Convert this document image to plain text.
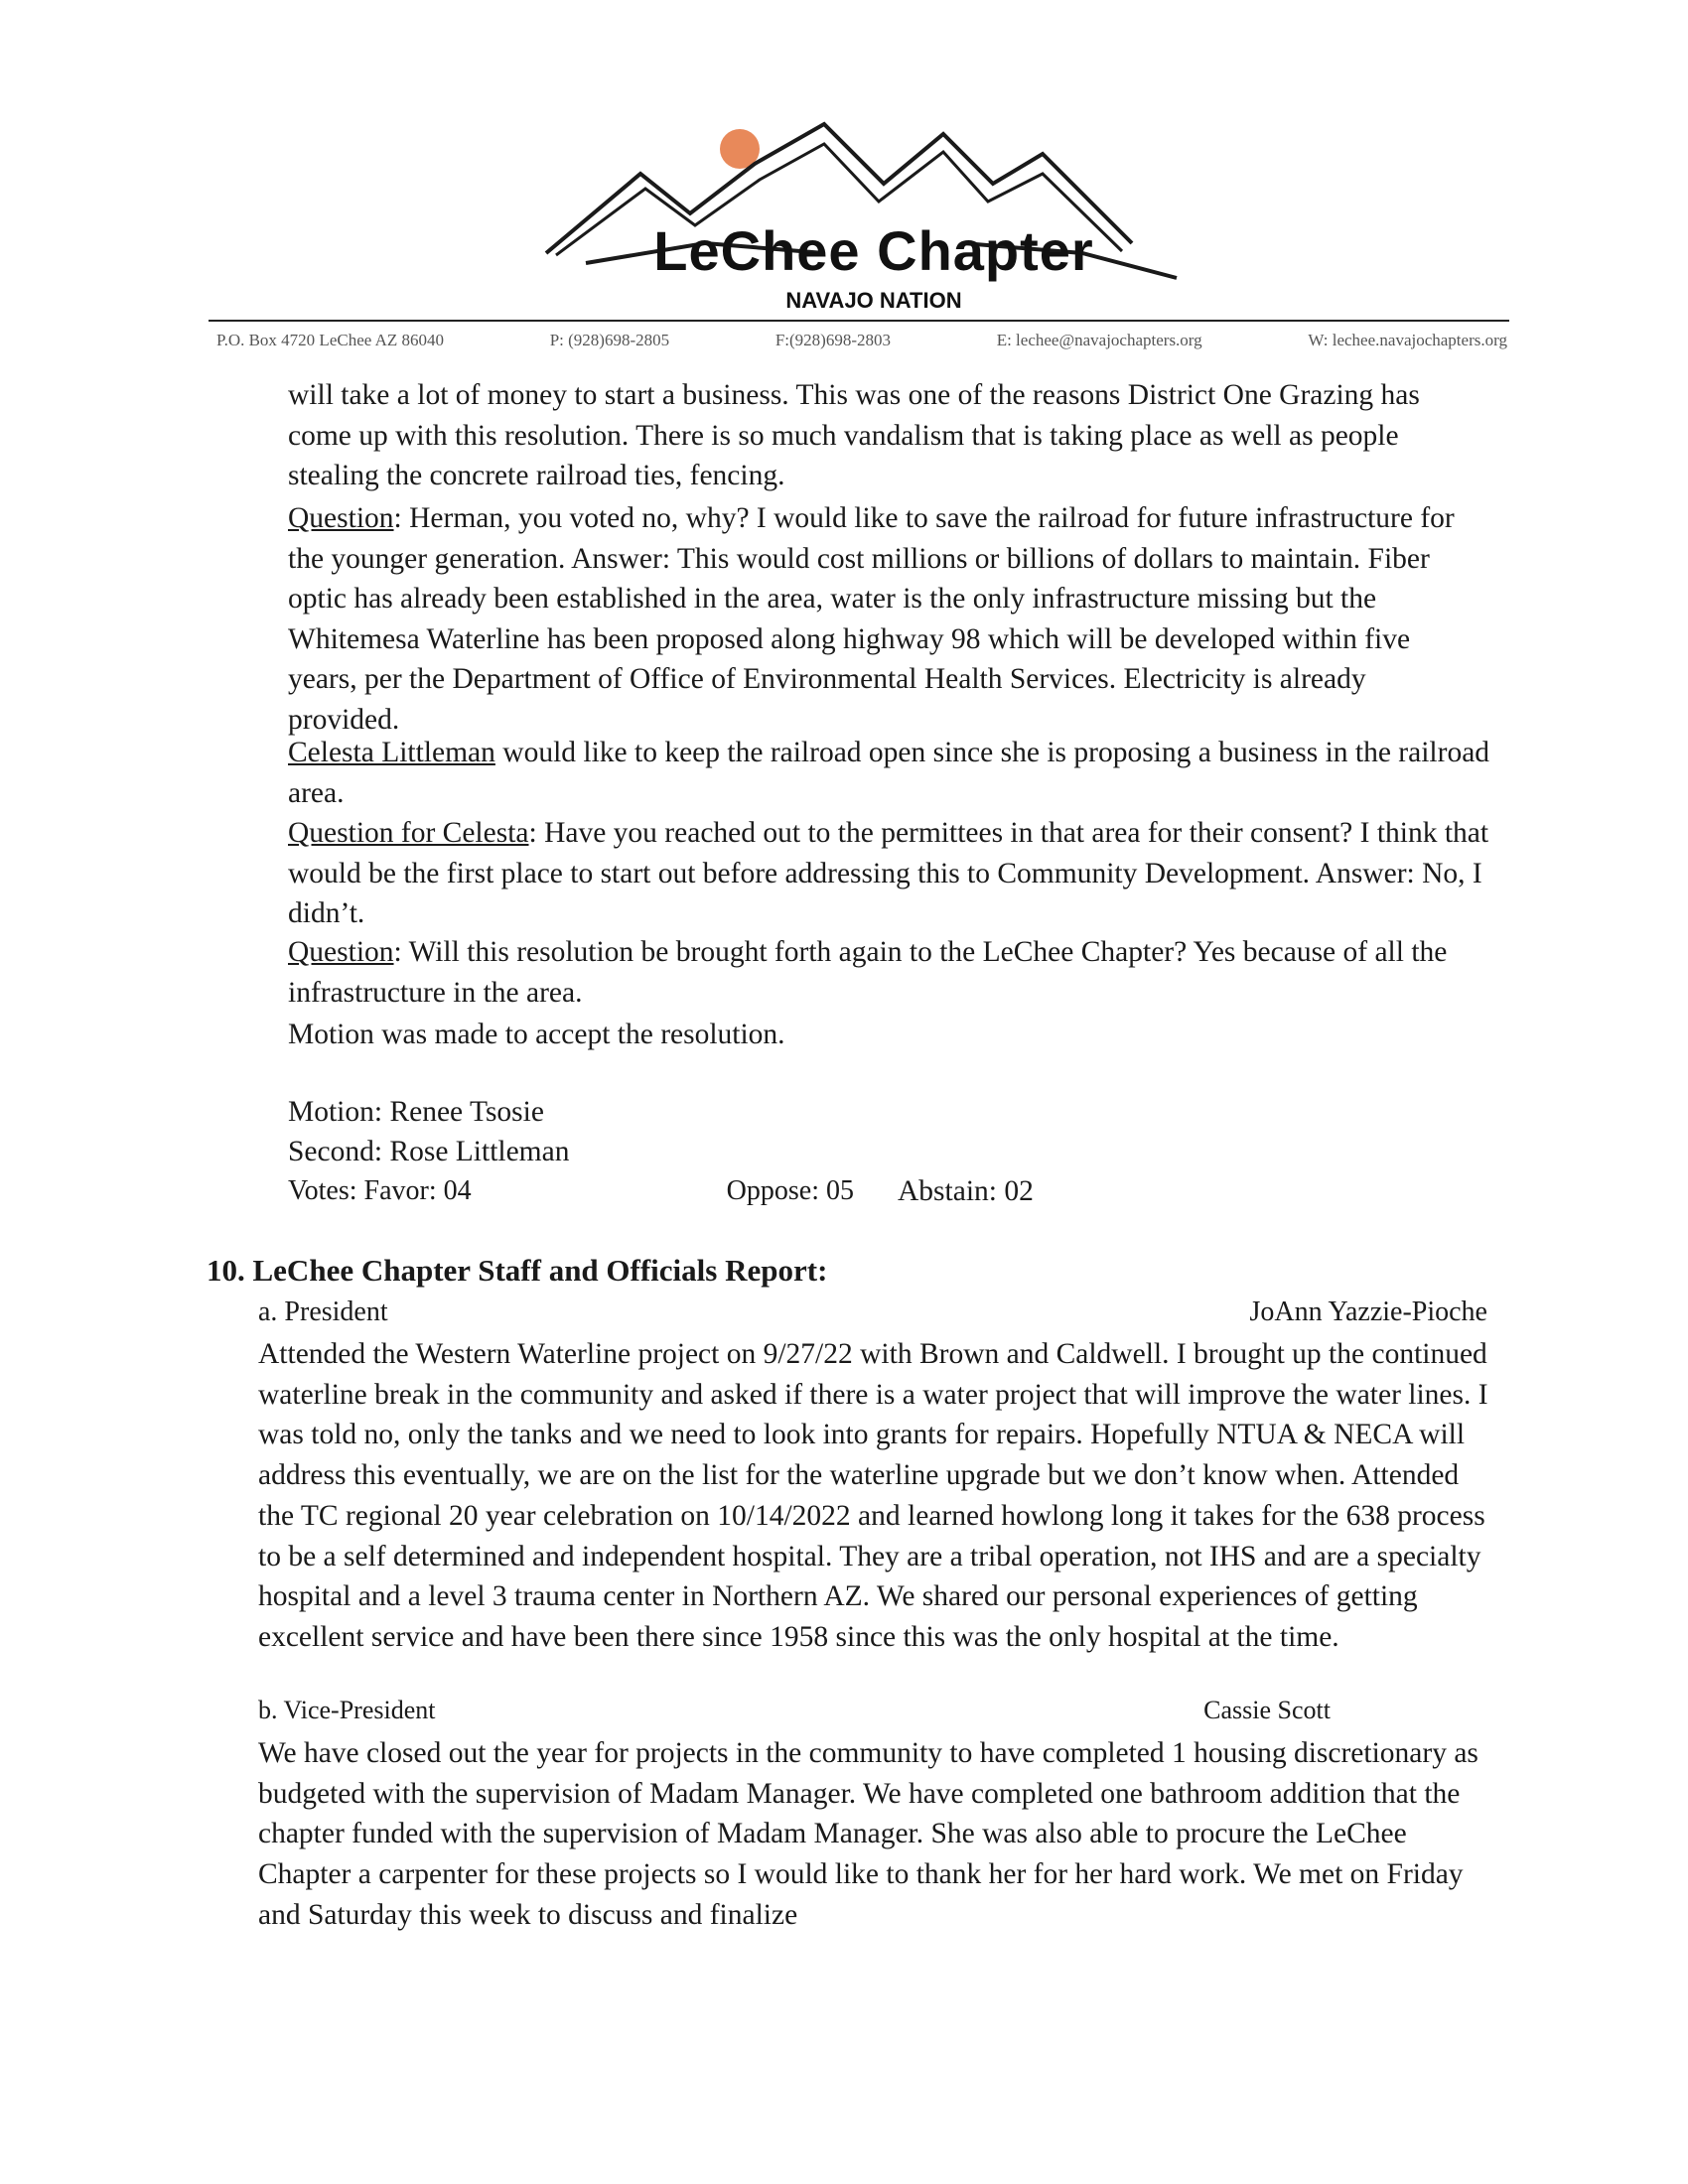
LeChee Chapter
NAVAJO NATION
P.O. Box 4720 LeChee AZ 86040	P: (928)698-2805	F:(928)698-2803	E: lechee@navajochapters.org	W: lechee.navajochapters.org

will take a lot of money to start a business. This was one of the reasons District One Grazing has come up with this resolution. There is so much vandalism that is taking place as well as people stealing the concrete railroad ties, fencing.

Question: Herman, you voted no, why? I would like to save the railroad for future infrastructure for the younger generation. Answer: This would cost millions or billions of dollars to maintain. Fiber optic has already been established in the area, water is the only infrastructure missing but the Whitemesa Waterline has been proposed along highway 98 which will be developed within five years, per the Department of Office of Environmental Health Services. Electricity is already provided.

Celesta Littleman would like to keep the railroad open since she is proposing a business in the railroad area.

Question for Celesta: Have you reached out to the permittees in that area for their consent? I think that would be the first place to start out before addressing this to Community Development. Answer: No, I didn’t.

Question: Will this resolution be brought forth again to the LeChee Chapter? Yes because of all the infrastructure in the area.

Motion was made to accept the resolution.

Motion: Renee Tsosie

Second: Rose Littleman

Votes: Favor: 04	Oppose: 05 Abstain: 02

10. LeChee Chapter Staff and Officials Report:

a. President	JoAnn Yazzie-Pioche

Attended the Western Waterline project on 9/27/22 with Brown and Caldwell. I brought up the continued waterline break in the community and asked if there is a water project that will improve the water lines. I was told no, only the tanks and we need to look into grants for repairs. Hopefully NTUA & NECA will address this eventually, we are on the list for the waterline upgrade but we don’t know when. Attended the TC regional 20 year celebration on 10/14/2022 and learned howlong long it takes for the 638 process to be a self determined and independent hospital. They are a tribal operation, not IHS and are a specialty hospital and a level 3 trauma center in Northern AZ. We shared our personal experiences of getting excellent service and have been there since 1958 since this was the only hospital at the time.

b. Vice-President	Cassie Scott

We have closed out the year for projects in the community to have completed 1 housing discretionary as budgeted with the supervision of Madam Manager. We have completed one bathroom addition that the chapter funded with the supervision of Madam Manager. She was also able to procure the LeChee Chapter a carpenter for these projects so I would like to thank her for her hard work. We met on Friday and Saturday this week to discuss and finalize
